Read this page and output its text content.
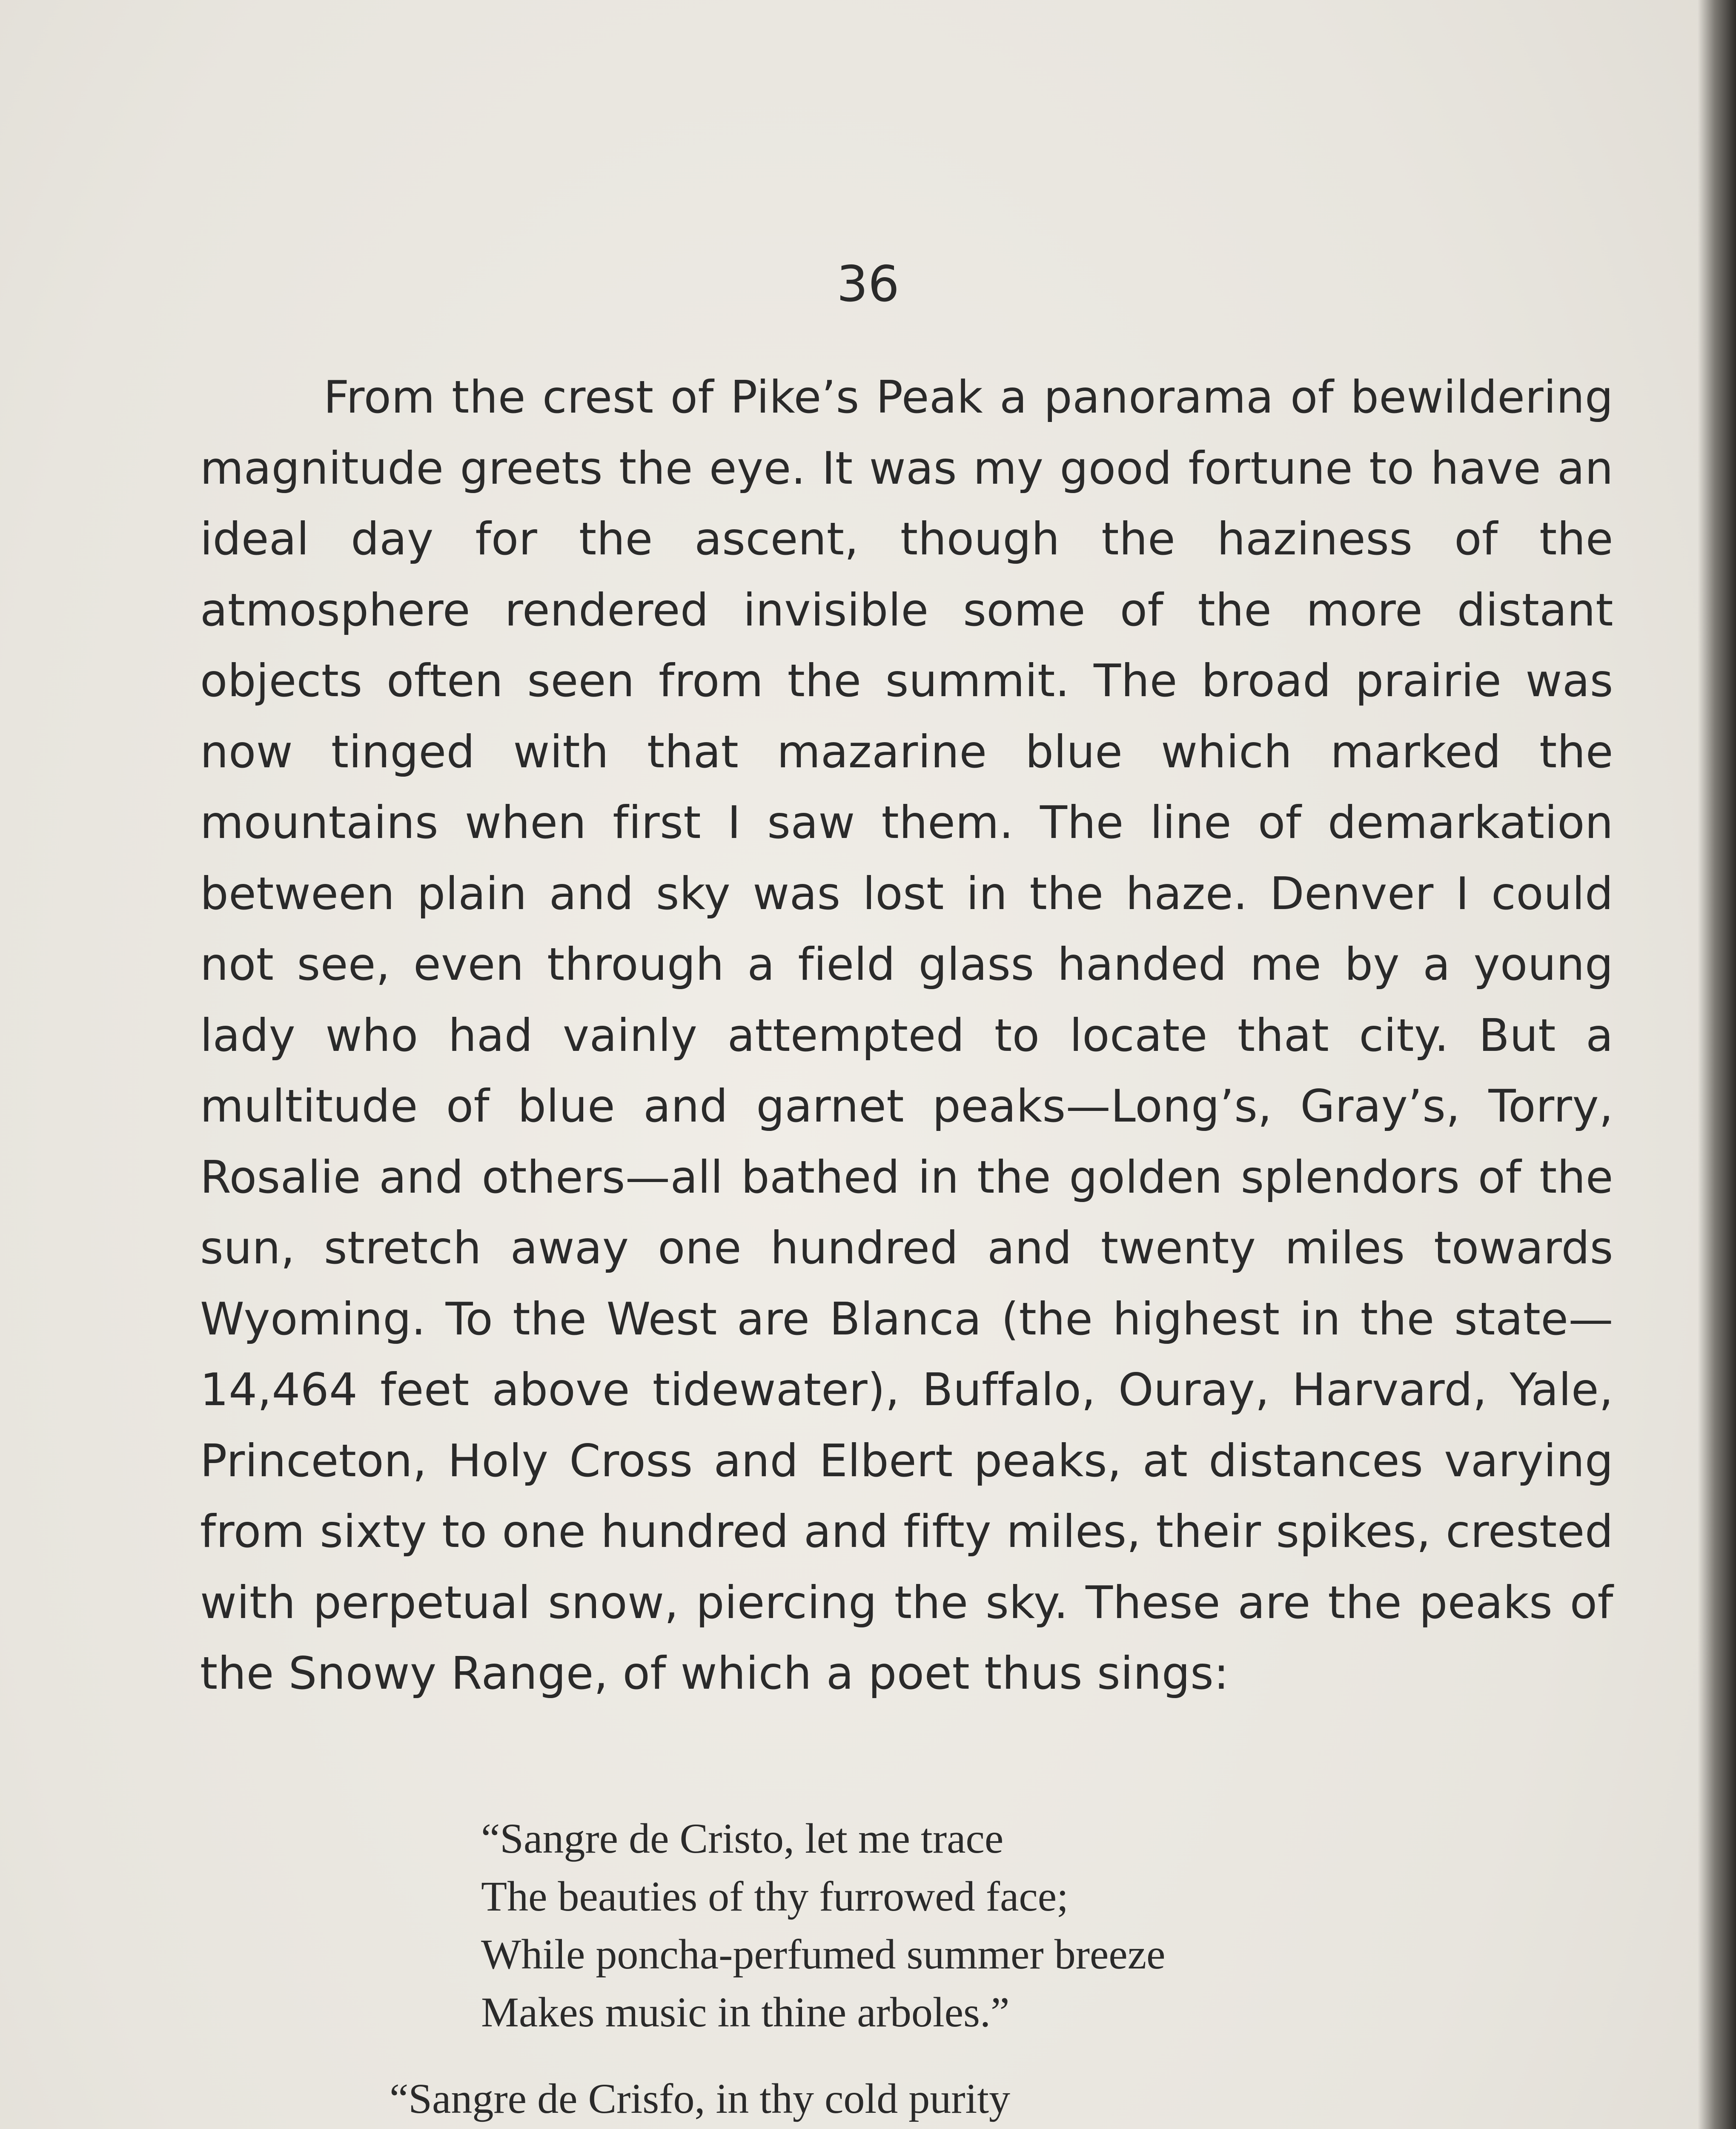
36

From the crest of Pike’s Peak a panorama of bewildering magnitude greets the eye. It was my good fortune to have an ideal day for the ascent, though the haziness of the atmosphere rendered invisible some of the more distant objects often seen from the summit. The broad prairie was now tinged with that mazarine blue which marked the mountains when first I saw them. The line of demarkation between plain and sky was lost in the haze. Denver I could not see, even through a field glass handed me by a young lady who had vainly attempted to locate that city. But a multitude of blue and garnet peaks—Long’s, Gray’s, Torry, Rosalie and others—all bathed in the golden splendors of the sun, stretch away one hundred and twenty miles towards Wyoming. To the West are Blanca (the highest in the state—14,464 feet above tidewater), Buffalo, Ouray, Harvard, Yale, Princeton, Holy Cross and Elbert peaks, at distances varying from sixty to one hundred and fifty miles, their spikes, crested with perpetual snow, piercing the sky. These are the peaks of the Snowy Range, of which a poet thus sings:

“Sangre de Cristo, let me trace
The beauties of thy furrowed face;
While poncha-perfumed summer breeze
Makes music in thine arboles.”
“Sangre de Crisfo, in thy cold purity
